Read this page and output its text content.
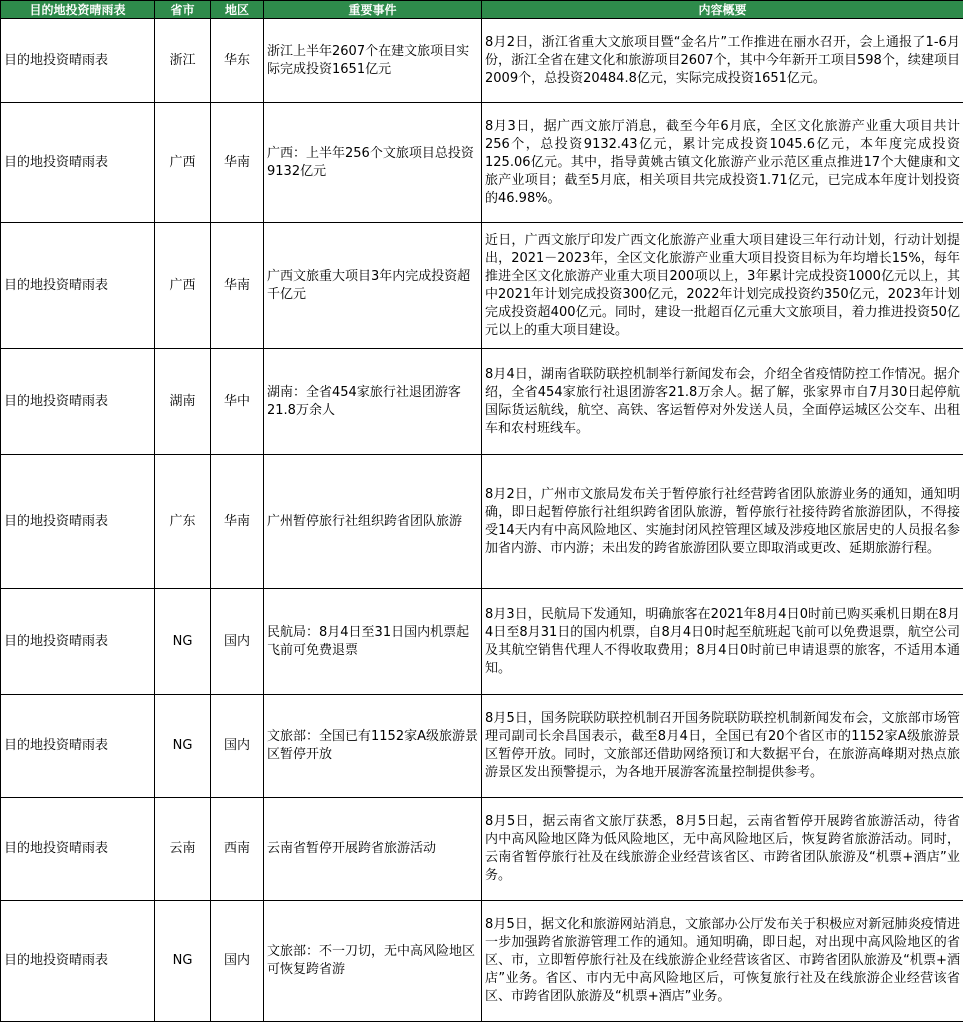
目的地投资晴雨表	省市	地区	重要事件	内容概要
目的地投资晴雨表	浙江	华东	浙江上半年2607个在建文旅项目实际完成投资1651亿元	8月2日，浙江省重大文旅项目暨“金名片”工作推进在丽水召开，会上通报了1-6月份，浙江全省在建文化和旅游项目2607个，其中今年新开工项目598个，续建项目2009个，总投资20484.8亿元，实际完成投资1651亿元。
目的地投资晴雨表	广西	华南	广西：上半年256个文旅项目总投资9132亿元	8月3日，据广西文旅厅消息，截至今年6月底，全区文化旅游产业重大项目共计256个，总投资9132.43亿元，累计完成投资1045.6亿元，本年度完成投资125.06亿元。其中，指导黄姚古镇文化旅游产业示范区重点推进17个大健康和文旅产业项目；截至5月底，相关项目共完成投资1.71亿元，已完成本年度计划投资的46.98%。
目的地投资晴雨表	广西	华南	广西文旅重大项目3年内完成投资超千亿元	近日，广西文旅厅印发广西文化旅游产业重大项目建设三年行动计划，行动计划提出，2021－2023年，全区文化旅游产业重大项目投资目标为年均增长15%，每年推进全区文化旅游产业重大项目200项以上，3年累计完成投资1000亿元以上，其中2021年计划完成投资300亿元，2022年计划完成投资约350亿元，2023年计划完成投资超400亿元。同时，建设一批超百亿元重大文旅项目，着力推进投资50亿元以上的重大项目建设。
目的地投资晴雨表	湖南	华中	湖南：全省454家旅行社退团游客21.8万余人	8月4日，湖南省联防联控机制举行新闻发布会，介绍全省疫情防控工作情况。据介绍，全省454家旅行社退团游客21.8万余人。据了解，张家界市自7月30日起停航国际货运航线，航空、高铁、客运暂停对外发送人员，全面停运城区公交车、出租车和农村班线车。
目的地投资晴雨表	广东	华南	广州暂停旅行社组织跨省团队旅游	8月2日，广州市文旅局发布关于暂停旅行社经营跨省团队旅游业务的通知，通知明确，即日起暂停旅行社组织跨省团队旅游，暂停旅行社接待跨省旅游团队，不得接受14天内有中高风险地区、实施封闭风控管理区域及涉疫地区旅居史的人员报名参加省内游、市内游；未出发的跨省旅游团队要立即取消或更改、延期旅游行程。
目的地投资晴雨表	NG	国内	民航局：8月4日至31日国内机票起飞前可免费退票	8月3日，民航局下发通知，明确旅客在2021年8月4日0时前已购买乘机日期在8月4日至8月31日的国内机票，自8月4日0时起至航班起飞前可以免费退票，航空公司及其航空销售代理人不得收取费用；8月4日0时前已申请退票的旅客，不适用本通知。
目的地投资晴雨表	NG	国内	文旅部：全国已有1152家A级旅游景区暂停开放	8月5日，国务院联防联控机制召开国务院联防联控机制新闻发布会，文旅部市场管理司副司长余昌国表示，截至8月4日，全国已有20个省区市的1152家A级旅游景区暂停开放。同时，文旅部还借助网络预订和大数据平台，在旅游高峰期对热点旅游景区发出预警提示，为各地开展游客流量控制提供参考。
目的地投资晴雨表	云南	西南	云南省暂停开展跨省旅游活动	8月5日，据云南省文旅厅获悉，8月5日起，云南省暂停开展跨省旅游活动，待省内中高风险地区降为低风险地区，无中高风险地区后，恢复跨省旅游活动。同时，云南省暂停旅行社及在线旅游企业经营该省区、市跨省团队旅游及“机票+酒店”业务。
目的地投资晴雨表	NG	国内	文旅部：不一刀切，无中高风险地区可恢复跨省游	8月5日，据文化和旅游网站消息，文旅部办公厅发布关于积极应对新冠肺炎疫情进一步加强跨省旅游管理工作的通知。通知明确，即日起，对出现中高风险地区的省区、市，立即暂停旅行社及在线旅游企业经营该省区、市跨省团队旅游及“机票+酒店”业务。省区、市内无中高风险地区后，可恢复旅行社及在线旅游企业经营该省区、市跨省团队旅游及“机票+酒店”业务。
